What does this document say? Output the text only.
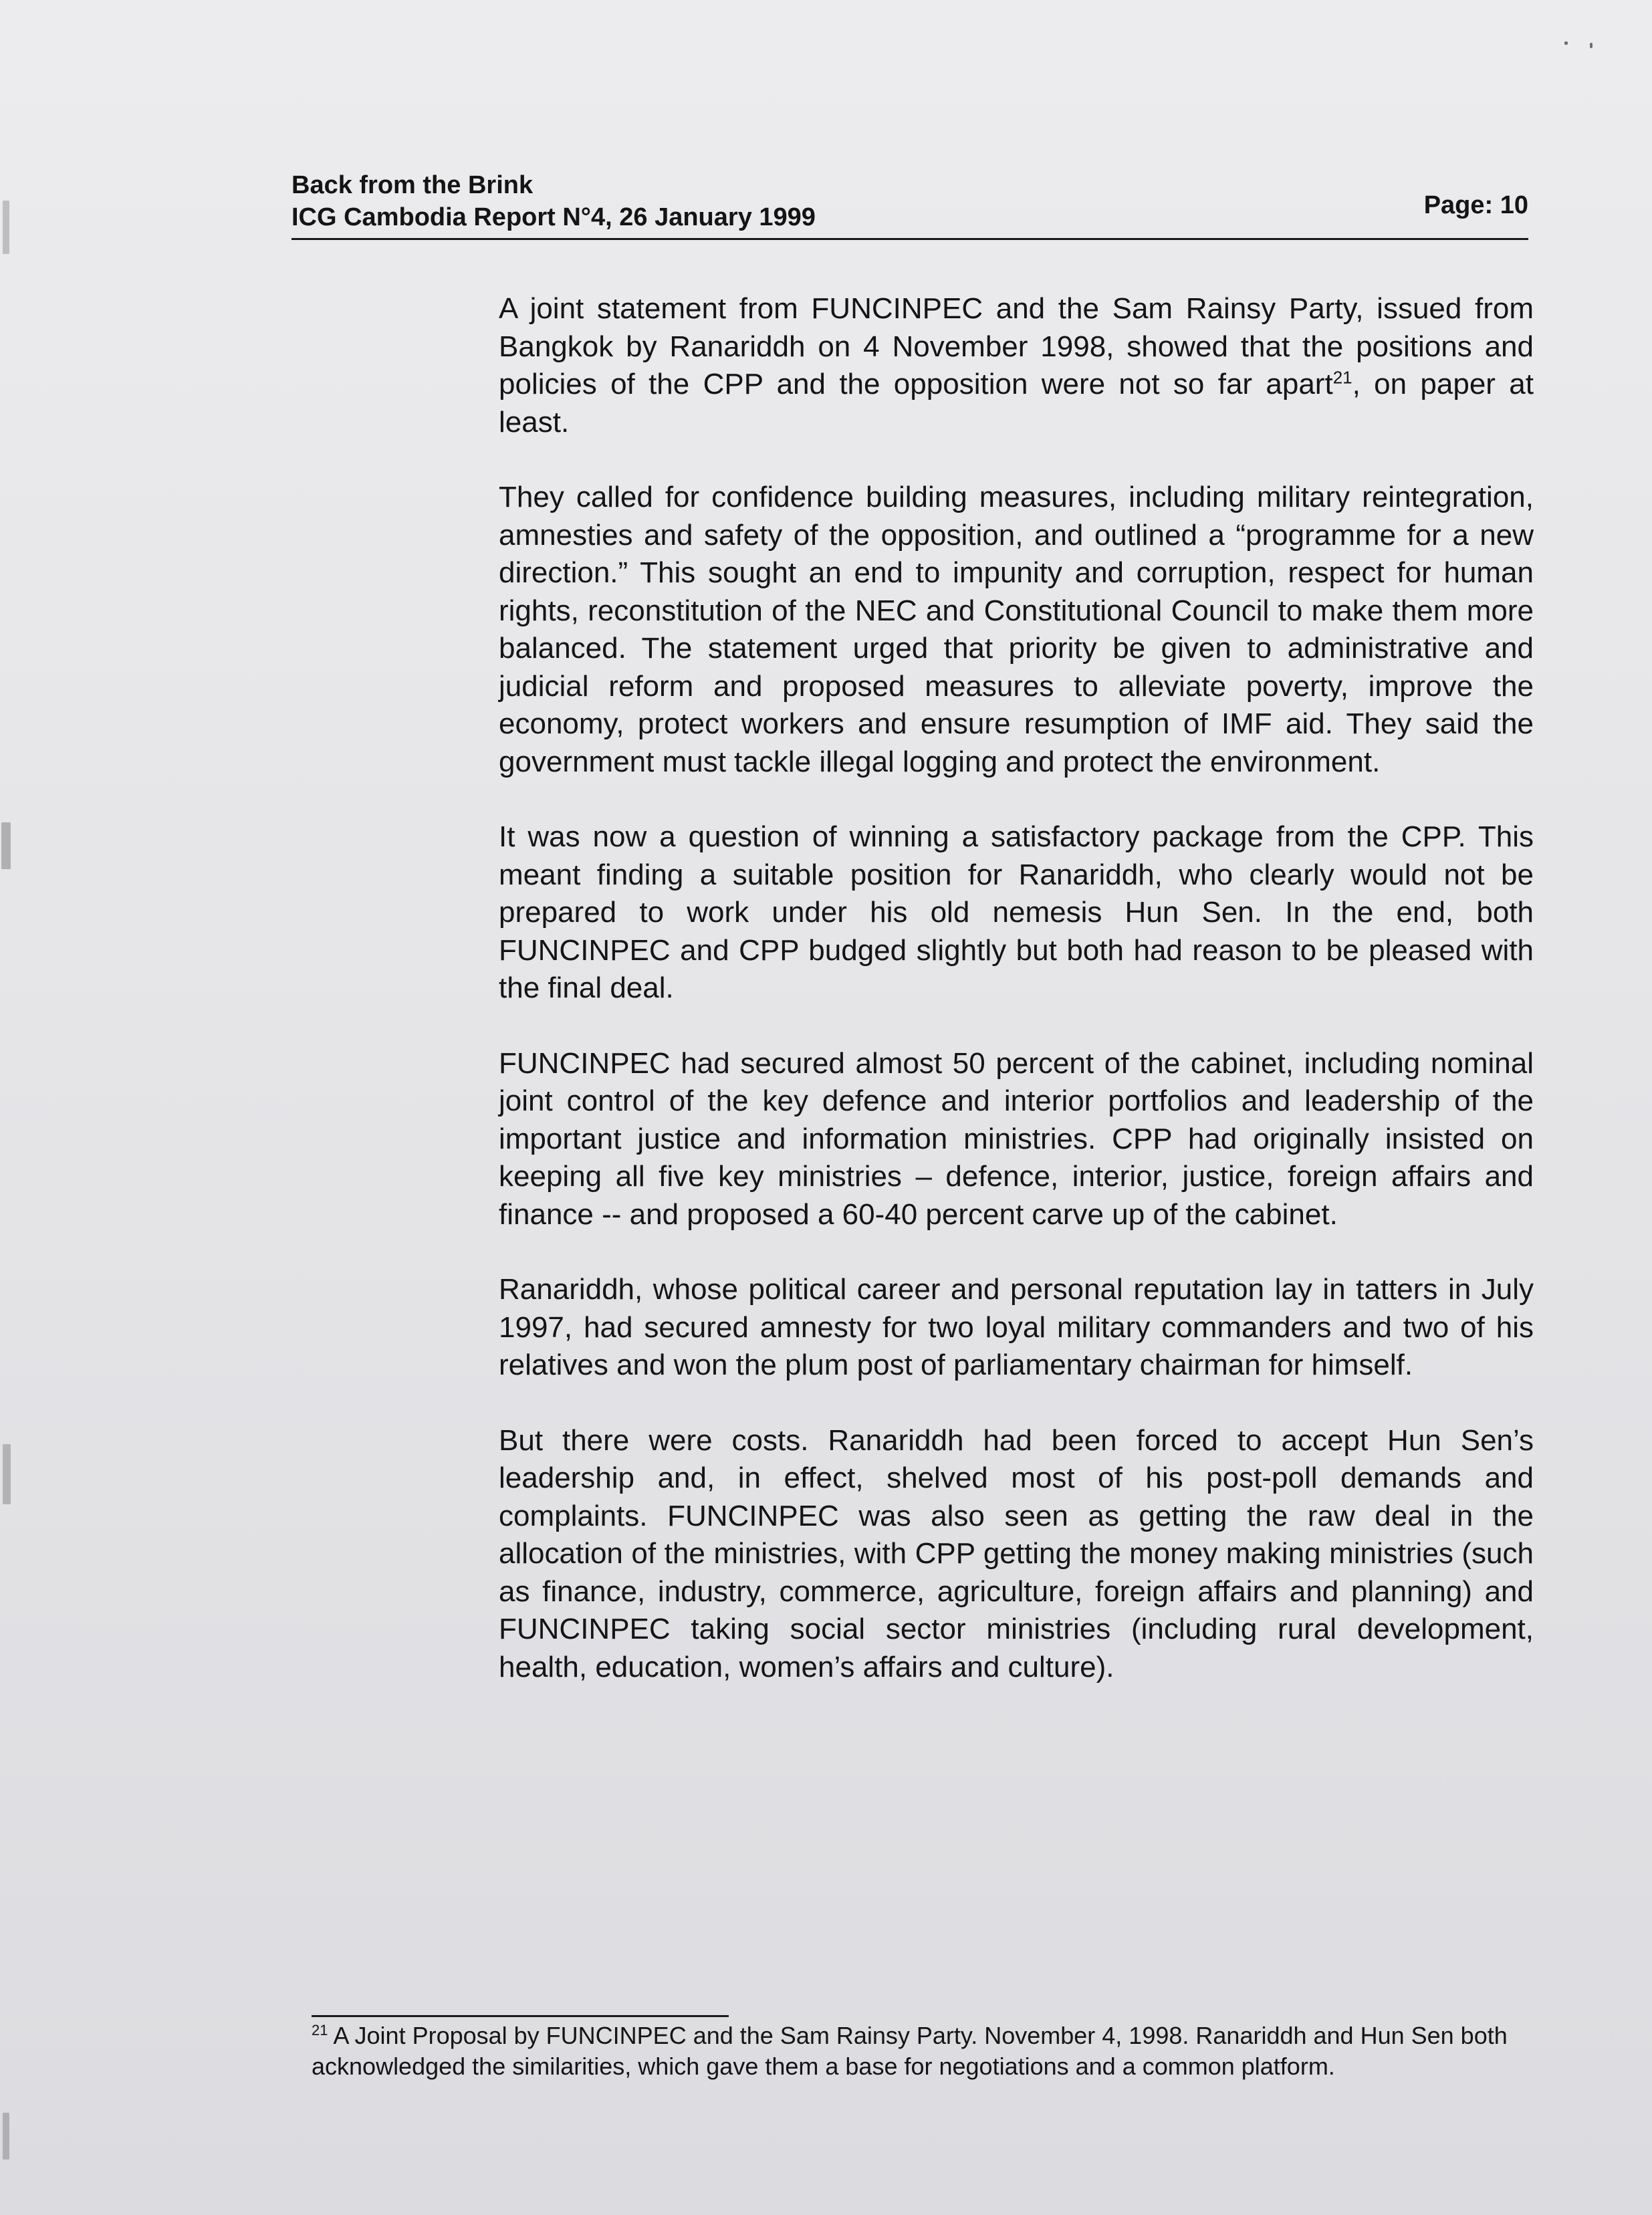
Back from the Brink
ICG Cambodia Report N°4, 26 January 1999	Page: 10

A joint statement from FUNCINPEC and the Sam Rainsy Party, issued from Bangkok by Ranariddh on 4 November 1998, showed that the positions and policies of the CPP and the opposition were not so far apart$^{21}$, on paper at least.

They called for confidence building measures, including military reintegration, amnesties and safety of the opposition, and outlined a “programme for a new direction.” This sought an end to impunity and corruption, respect for human rights, reconstitution of the NEC and Constitutional Council to make them more balanced. The statement urged that priority be given to administrative and judicial reform and proposed measures to alleviate poverty, improve the economy, protect workers and ensure resumption of IMF aid. They said the government must tackle illegal logging and protect the environment.

It was now a question of winning a satisfactory package from the CPP. This meant finding a suitable position for Ranariddh, who clearly would not be prepared to work under his old nemesis Hun Sen. In the end, both FUNCINPEC and CPP budged slightly but both had reason to be pleased with the final deal.

FUNCINPEC had secured almost 50 percent of the cabinet, including nominal joint control of the key defence and interior portfolios and leadership of the important justice and information ministries. CPP had originally insisted on keeping all five key ministries – defence, interior, justice, foreign affairs and finance -- and proposed a 60-40 percent carve up of the cabinet.

Ranariddh, whose political career and personal reputation lay in tatters in July 1997, had secured amnesty for two loyal military commanders and two of his relatives and won the plum post of parliamentary chairman for himself.

But there were costs. Ranariddh had been forced to accept Hun Sen’s leadership and, in effect, shelved most of his post-poll demands and complaints. FUNCINPEC was also seen as getting the raw deal in the allocation of the ministries, with CPP getting the money making ministries (such as finance, industry, commerce, agriculture, foreign affairs and planning) and FUNCINPEC taking social sector ministries (including rural development, health, education, women’s affairs and culture).

$^{21}$ A Joint Proposal by FUNCINPEC and the Sam Rainsy Party. November 4, 1998. Ranariddh and Hun Sen both acknowledged the similarities, which gave them a base for negotiations and a common platform.
